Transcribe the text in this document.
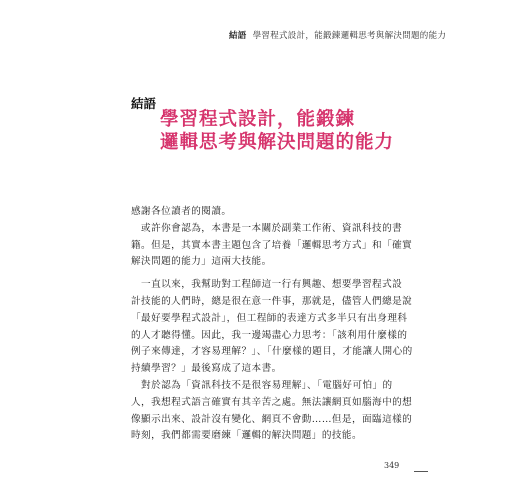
結語 學習程式設計，能鍛鍊邏輯思考與解決問題的能力
結語
學習程式設計，能鍛鍊
邏輯思考與解決問題的能力
感謝各位讀者的閱讀。
　或許你會認為，本書是一本關於副業工作術、資訊科技的書
籍。但是，其實本書主題包含了培養「邏輯思考方式」和「確實
解決問題的能力」這兩大技能。
　一直以來，我幫助對工程師這一行有興趣、想要學習程式設
計技能的人們時，總是很在意一件事，那就是，儘管人們總是說
「最好要學程式設計」，但工程師的表達方式多半只有出身理科
的人才聽得懂。因此，我一邊竭盡心力思考：「該利用什麼樣的
例子來傳達，才容易理解？」、「什麼樣的題目，才能讓人開心的
持續學習？」最後寫成了這本書。
　對於認為「資訊科技不是很容易理解」、「電腦好可怕」的
人，我想程式語言確實有其辛苦之處。無法讓網頁如腦海中的想
像顯示出來、設計沒有變化、網頁不會動……但是，面臨這樣的
時刻，我們都需要磨練「邏輯的解決問題」的技能。
349
